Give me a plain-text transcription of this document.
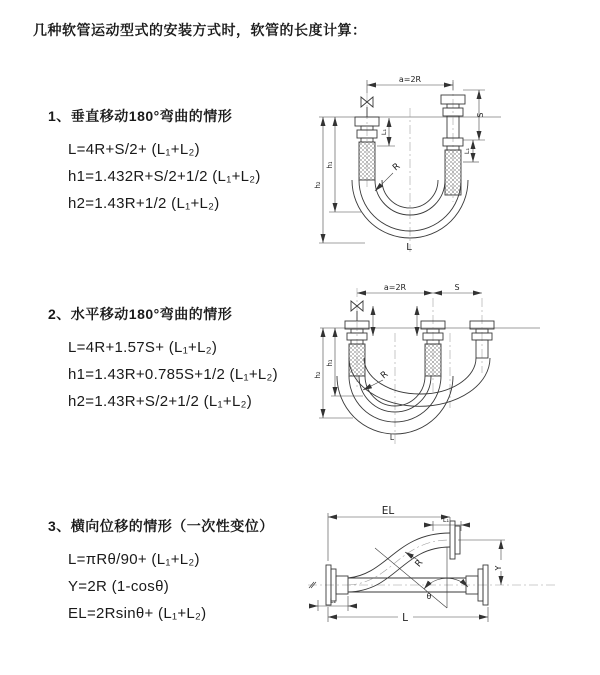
几种软管运动型式的安装方式时，软管的长度计算：
1、垂直移动180°弯曲的情形
L=4R+S/2+ (L₁+L₂)
h1=1.432R+S/2+1/2 (L₁+L₂)
h2=1.43R+1/2 (L₁+L₂)
2、水平移动180°弯曲的情形
L=4R+1.57S+ (L₁+L₂)
h1=1.43R+0.785S+1/2 (L₁+L₂)
h2=1.43R+S/2+1/2 (L₁+L₂)
3、横向位移的情形（一次性变位）
L=πRθ/90+ (L₁+L₂)
Y=2R (1-cosθ)
EL=2Rsinθ+ (L₁+L₂)
a=2R
h₁
h₂
L₁
S
L₁
R
L
a=2R	S
h₁
h₂	R
L
EL
L₁
Y
R
θ
L
L₁
